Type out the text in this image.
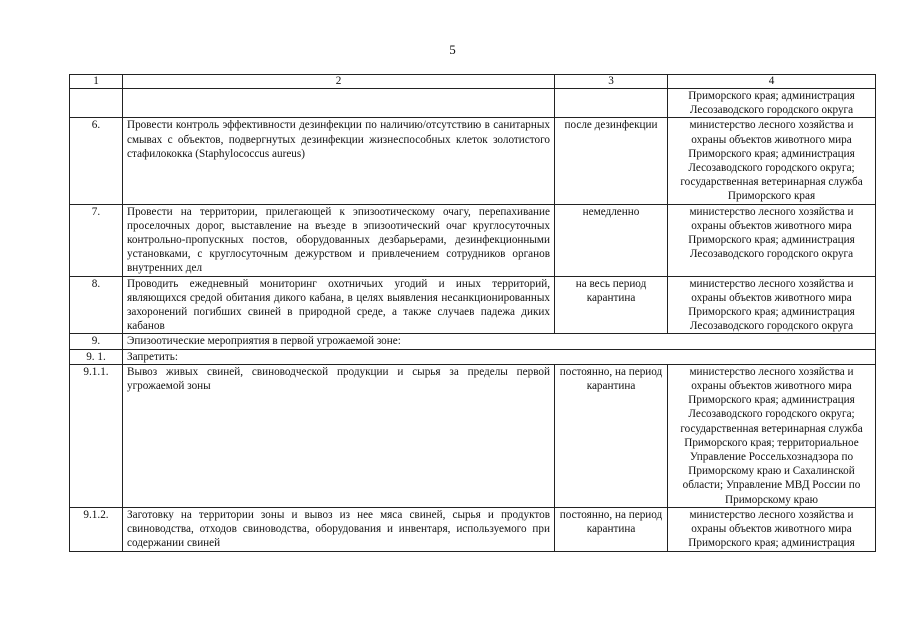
5
1	2	3	4
			Приморского края; администрация Лесозаводского городского округа
6.	Провести контроль эффективности дезинфекции по наличию/отсутствию в санитарных смывах с объектов, подвергнутых дезинфекции жизнеспособных клеток золотистого стафилококка (Staphylococcus aureus)	после дезинфекции	министерство лесного хозяйства и охраны объектов животного мира Приморского края; администрация Лесозаводского городского округа; государственная ветеринарная служба Приморского края
7.	Провести на территории, прилегающей к эпизоотическому очагу, перепахивание проселочных дорог, выставление на въезде в эпизоотический очаг круглосуточных контрольно-пропускных постов, оборудованных дезбарьерами, дезинфекционными установками, с круглосуточным дежурством и привлечением сотрудников органов внутренних дел	немедленно	министерство лесного хозяйства и охраны объектов животного мира Приморского края; администрация Лесозаводского городского округа
8.	Проводить ежедневный мониторинг охотничьих угодий и иных территорий, являющихся средой обитания дикого кабана, в целях выявления несанкционированных захоронений погибших свиней в природной среде, а также случаев падежа диких кабанов	на весь период карантина	министерство лесного хозяйства и охраны объектов животного мира Приморского края; администрация Лесозаводского городского округа
9.	Эпизоотические мероприятия в первой угрожаемой зоне:		
9. 1.	Запретить:		
9.1.1.	Вывоз живых свиней, свиноводческой продукции и сырья за пределы первой угрожаемой зоны	постоянно, на период карантина	министерство лесного хозяйства и охраны объектов животного мира Приморского края; администрация Лесозаводского городского округа; государственная ветеринарная служба Приморского края; территориальное Управление Россельхознадзора по Приморскому краю и Сахалинской области; Управление МВД России по Приморскому краю
9.1.2.	Заготовку на территории зоны и вывоз из нее мяса свиней, сырья и продуктов свиноводства, отходов свиноводства, оборудования и инвентаря, используемого при содержании свиней	постоянно, на период карантина	министерство лесного хозяйства и охраны объектов животного мира Приморского края; администрация
